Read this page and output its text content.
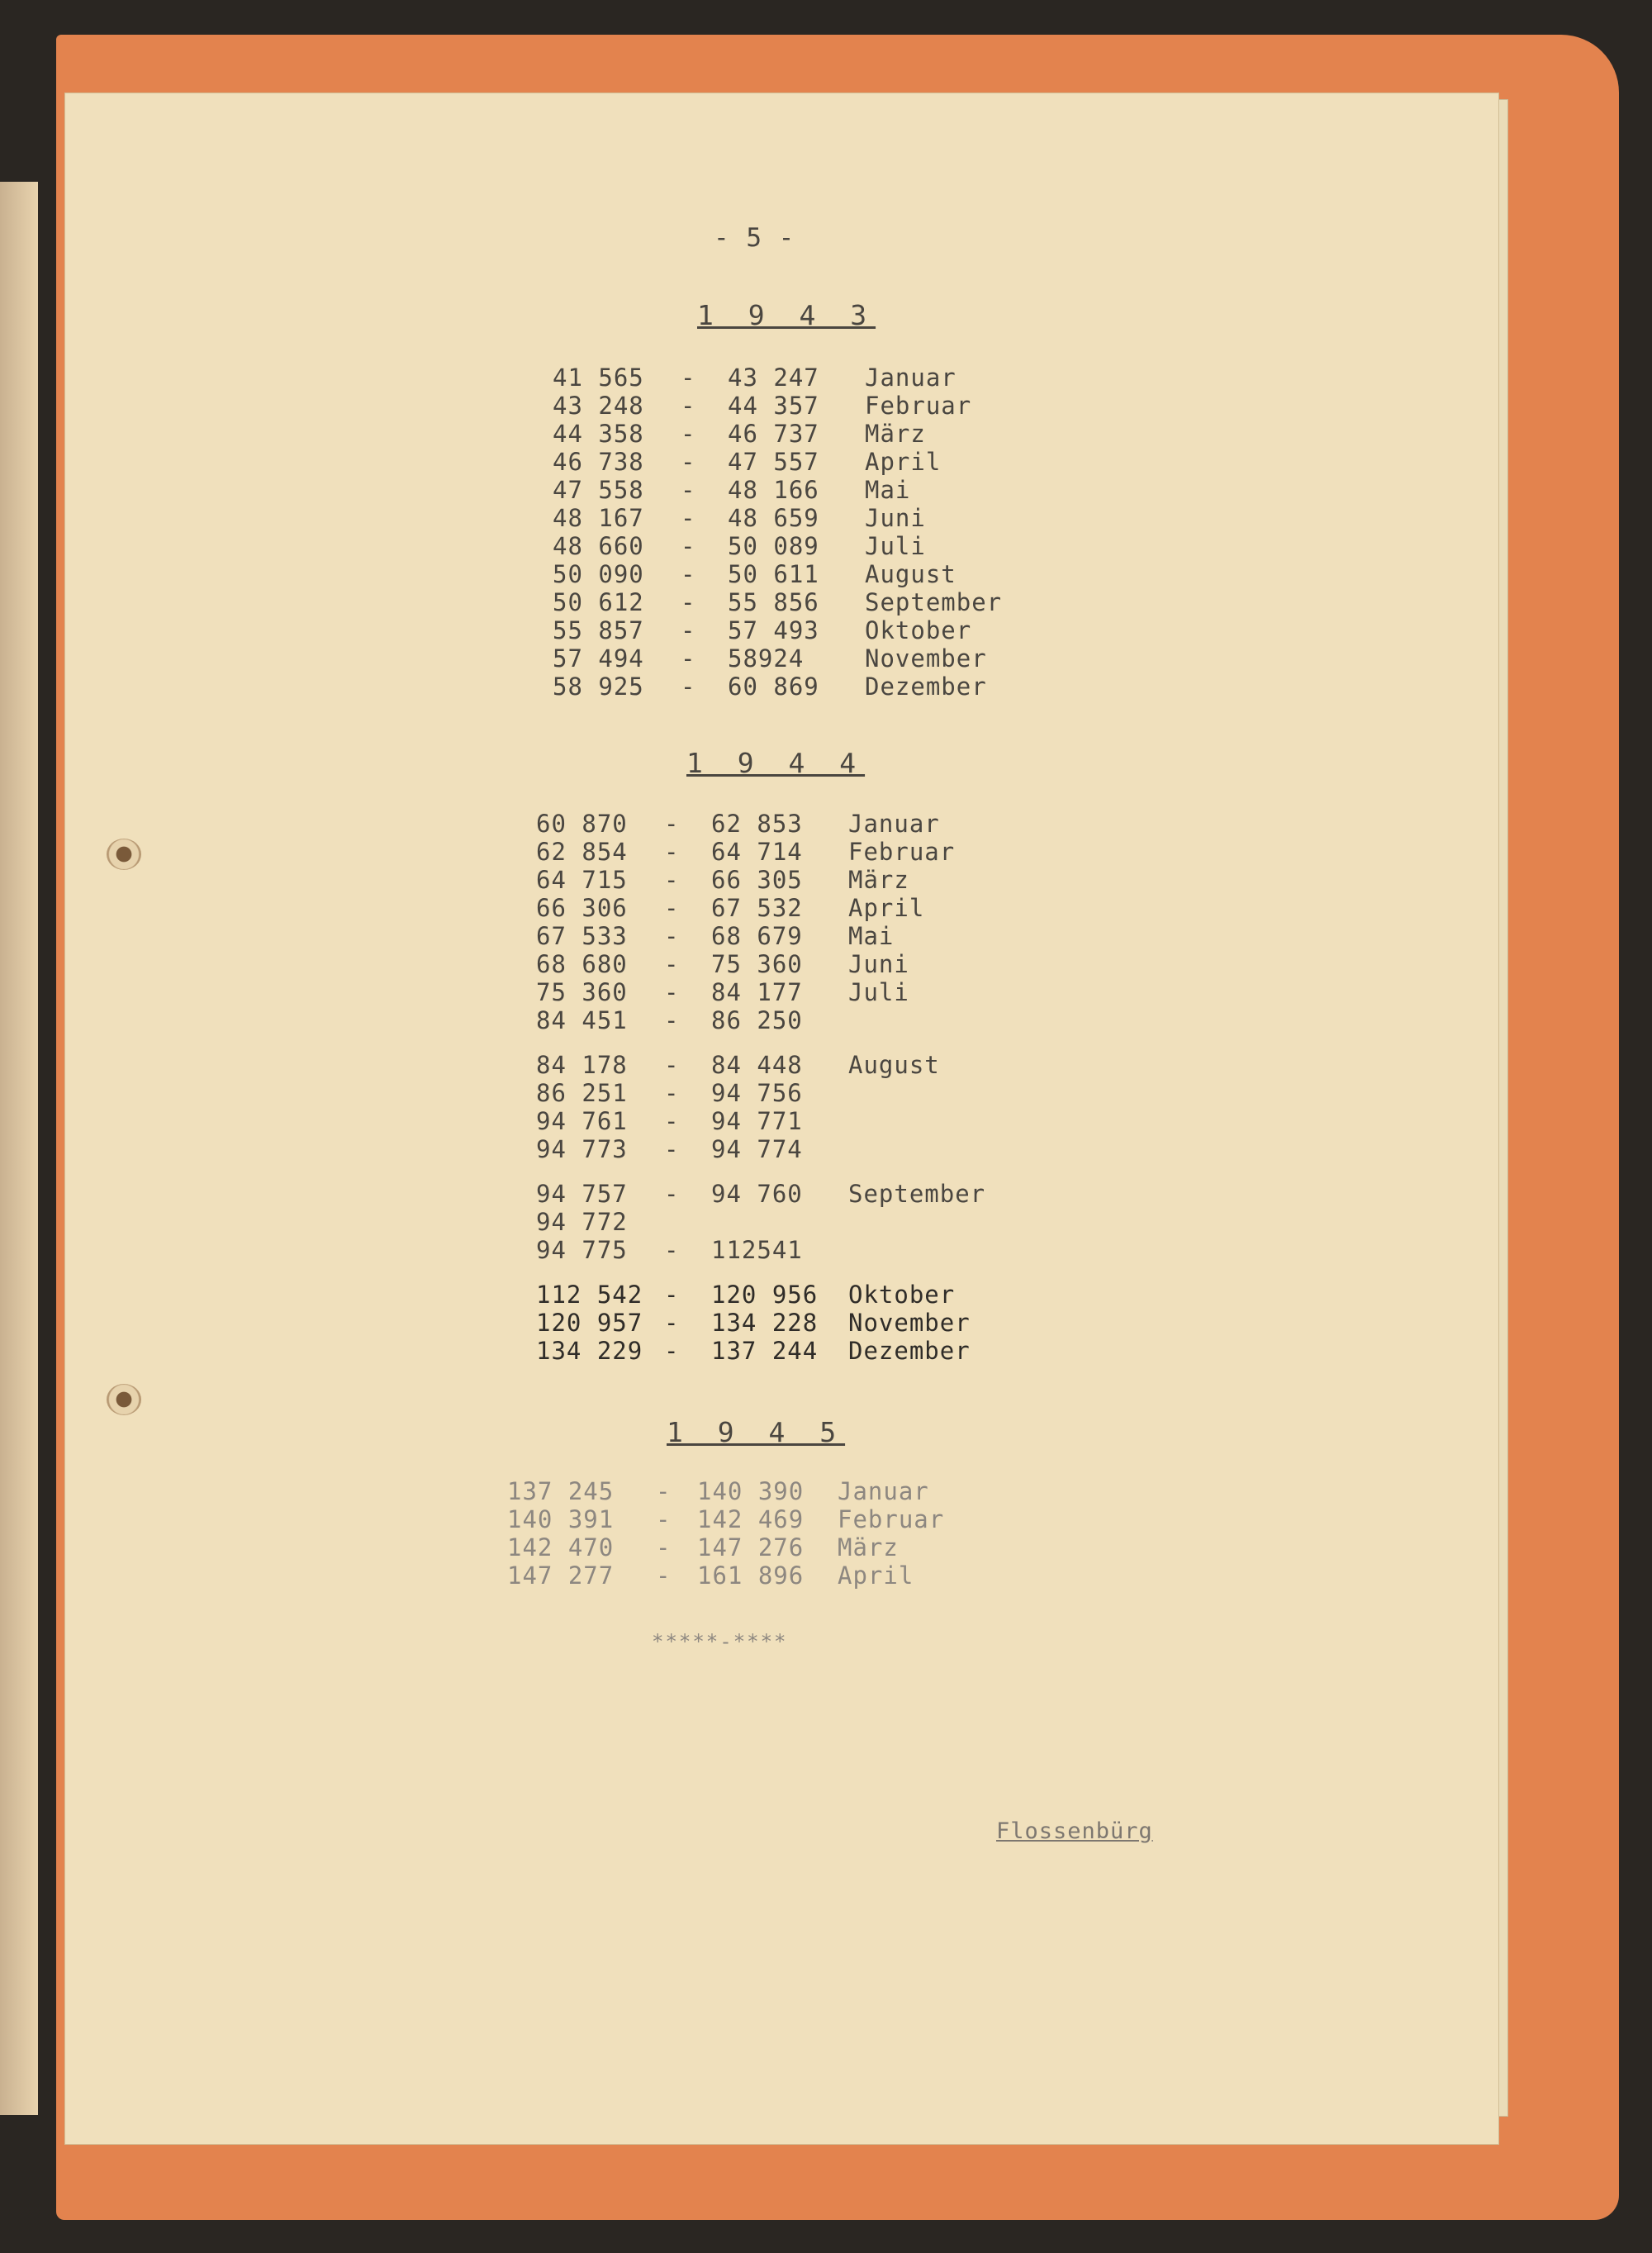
- 5 -
1 9 4 3
41 565 - 43 247 Januar
43 248 - 44 357 Februar
44 358 - 46 737 März
46 738 - 47 557 April
47 558 - 48 166 Mai
48 167 - 48 659 Juni
48 660 - 50 089 Juli
50 090 - 50 611 August
50 612 - 55 856 September
55 857 - 57 493 Oktober
57 494 - 58924	November
58 925 - 60 869 Dezember
1 9 4 4
60 870 - 62 853 Januar
62 854 - 64 714 Februar
64 715 - 66 305 März
66 306 - 67 532 April
67 533 - 68 679 Mai
68 680 - 75 360 Juni
75 360 - 84 177 Juli
84 451 - 86 250
84 178 - 84 448 August
86 251 - 94 756
94 761 - 94 771
94 773 - 94 774
94 757 - 94 760 September
94 772
94 775 - 112541
112 542 - 120 956 Oktober
120 957 - 134 228 November
134 229 - 137 244 Dezember
1 9 4 5
137 245 - 140 390 Januar
140 391 - 142 469 Februar
142 470 - 147 276 März
147 277 - 161 896 April
*****-****
Flossenbürg
